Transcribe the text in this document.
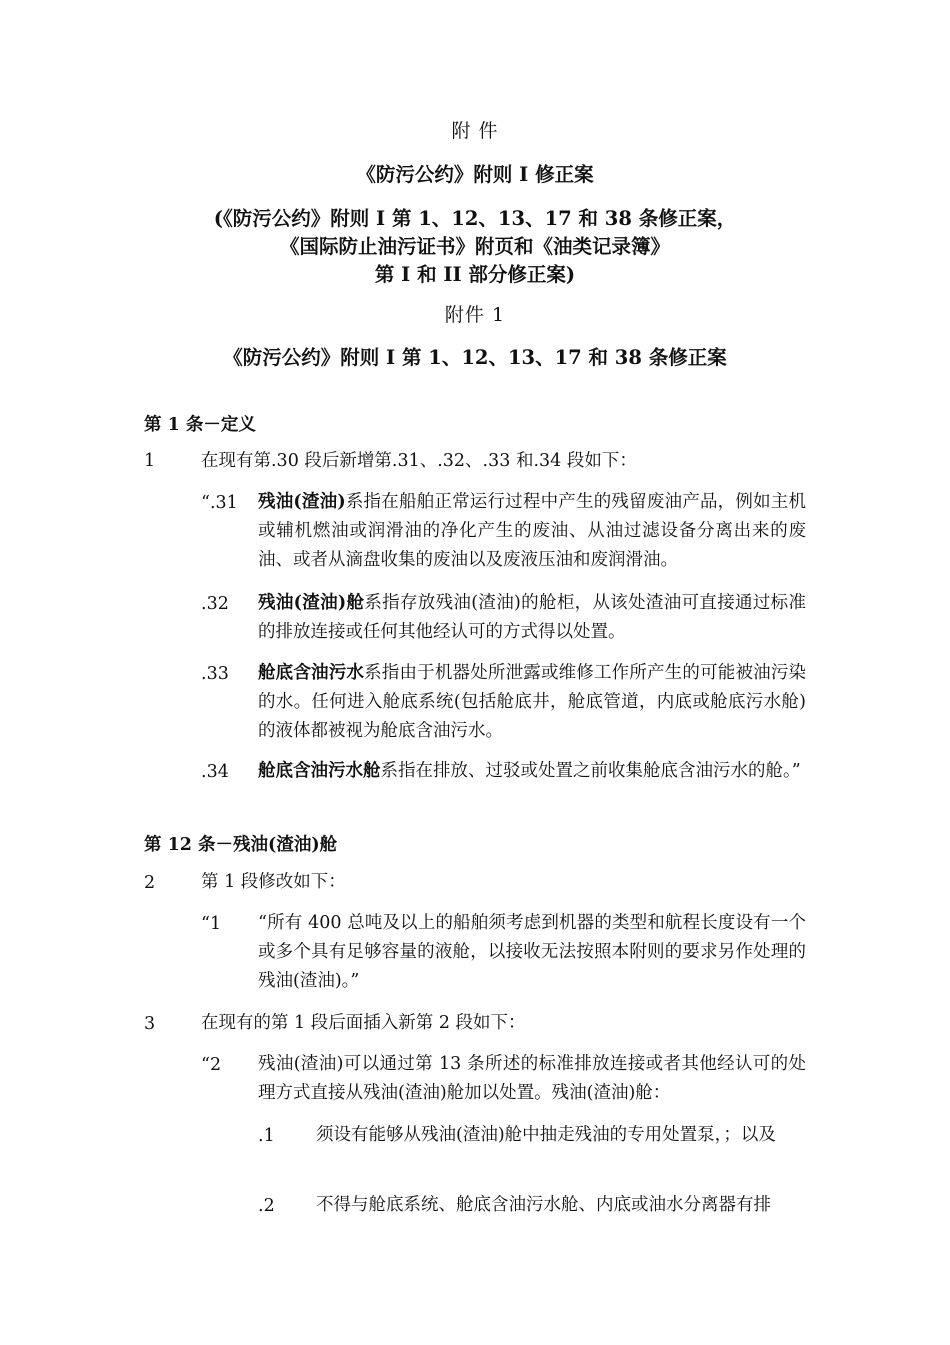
附 件
《防污公约》附则 I 修正案
(《防污公约》附则 I 第 1、12、13、17 和 38 条修正案，
《国际防止油污证书》附页和《油类记录簿》
第 I 和 II 部分修正案)
附件 1
《防污公约》附则 I 第 1、12、13、17 和 38 条修正案
第 1 条－定义
1	在现有第.30 段后新增第.31、.32、.33 和.34 段如下：
“.31 残油(渣油)系指在船舶正常运行过程中产生的残留废油产品，例如主机或辅机燃油或润滑油的净化产生的废油、从油过滤设备分离出来的废油、或者从滴盘收集的废油以及废液压油和废润滑油。
.32 残油(渣油)舱系指存放残油(渣油)的舱柜，从该处渣油可直接通过标准的排放连接或任何其他经认可的方式得以处置。
.33 舱底含油污水系指由于机器处所泄露或维修工作所产生的可能被油污染的水。任何进入舱底系统(包括舱底井，舱底管道，内底或舱底污水舱)的液体都被视为舱底含油污水。
.34 舱底含油污水舱系指在排放、过驳或处置之前收集舱底含油污水的舱。”
第 12 条－残油(渣油)舱
2	第 1 段修改如下：
“1 “所有 400 总吨及以上的船舶须考虑到机器的类型和航程长度设有一个或多个具有足够容量的液舱，以接收无法按照本附则的要求另作处理的残油(渣油)。”
3	在现有的第 1 段后面插入新第 2 段如下：
“2 残油(渣油)可以通过第 13 条所述的标准排放连接或者其他经认可的处理方式直接从残油(渣油)舱加以处置。残油(渣油)舱：
.1 须设有能够从残油(渣油)舱中抽走残油的专用处置泵，；以及
.2 不得与舱底系统、舱底含油污水舱、内底或油水分离器有排
